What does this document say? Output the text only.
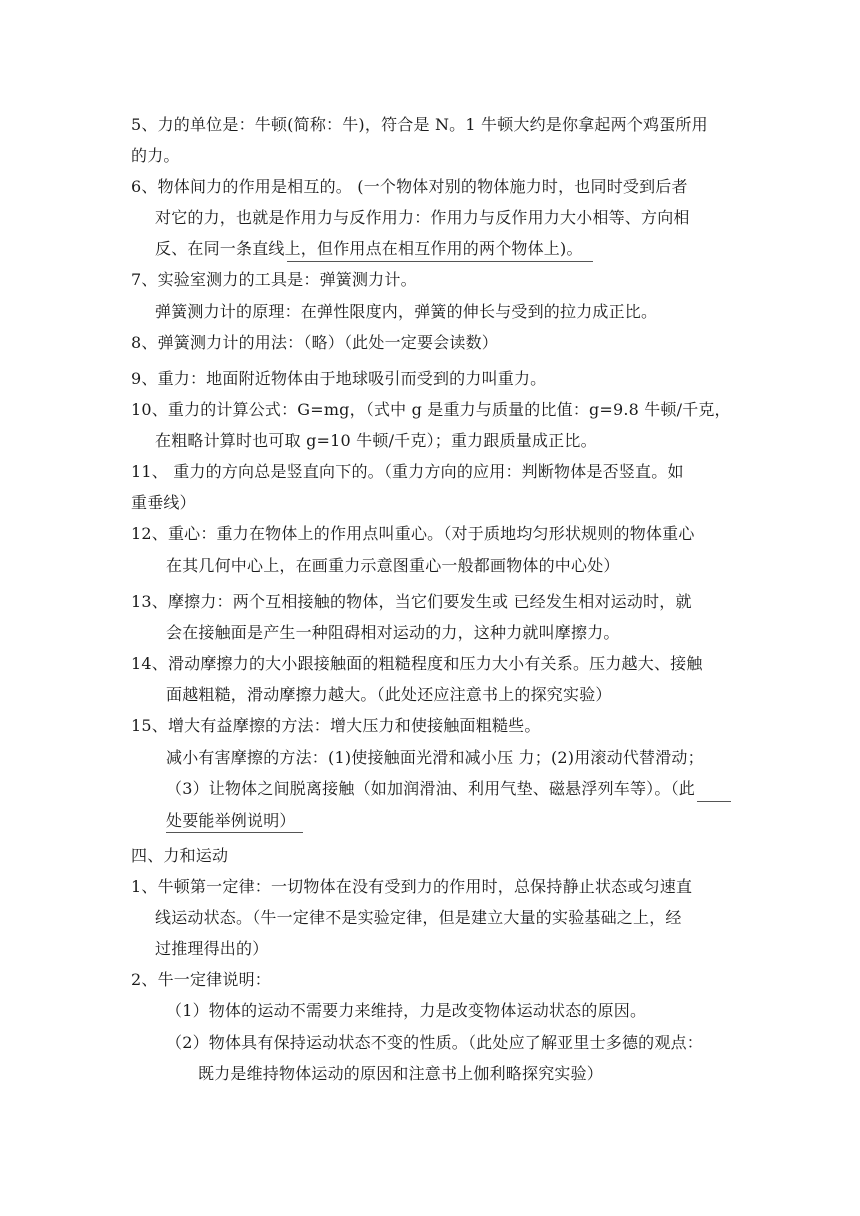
5、力的单位是：牛顿(简称：牛)，符合是 N。1 牛顿大约是你拿起两个鸡蛋所用
的力。
6、物体间力的作用是相互的。 (一个物体对别的物体施力时，也同时受到后者
对它的力，也就是作用力与反作用力：作用力与反作用力大小相等、方向相
反、在同一条直线上，但作用点在相互作用的两个物体上)。
7、实验室测力的工具是：弹簧测力计。
弹簧测力计的原理：在弹性限度内，弹簧的伸长与受到的拉力成正比。
8、弹簧测力计的用法：（略）（此处一定要会读数）
9、重力：地面附近物体由于地球吸引而受到的力叫重力。
10、重力的计算公式：G=mg，（式中 g 是重力与质量的比值：g=9.8 牛顿/千克，
在粗略计算时也可取 g=10 牛顿/千克）；重力跟质量成正比。
11、 重力的方向总是竖直向下的。（重力方向的应用：判断物体是否竖直。如
重垂线）
12、重心：重力在物体上的作用点叫重心。（对于质地均匀形状规则的物体重心
在其几何中心上，在画重力示意图重心一般都画物体的中心处）
13、摩擦力：两个互相接触的物体，当它们要发生或 已经发生相对运动时，就
会在接触面是产生一种阻碍相对运动的力，这种力就叫摩擦力。
14、滑动摩擦力的大小跟接触面的粗糙程度和压力大小有关系。压力越大、接触
面越粗糙，滑动摩擦力越大。（此处还应注意书上的探究实验）
15、增大有益摩擦的方法：增大压力和使接触面粗糙些。
减小有害摩擦的方法：(1)使接触面光滑和减小压 力；(2)用滚动代替滑动；
（3）让物体之间脱离接触（如加润滑油、利用气垫、磁悬浮列车等）。（此
处要能举例说明）
四、力和运动
1、牛顿第一定律：一切物体在没有受到力的作用时，总保持静止状态或匀速直
线运动状态。（牛一定律不是实验定律，但是建立大量的实验基础之上，经
过推理得出的）
2、牛一定律说明：
（1）物体的运动不需要力来维持，力是改变物体运动状态的原因。
（2）物体具有保持运动状态不变的性质。（此处应了解亚里士多德的观点：
既力是维持物体运动的原因和注意书上伽利略探究实验）
